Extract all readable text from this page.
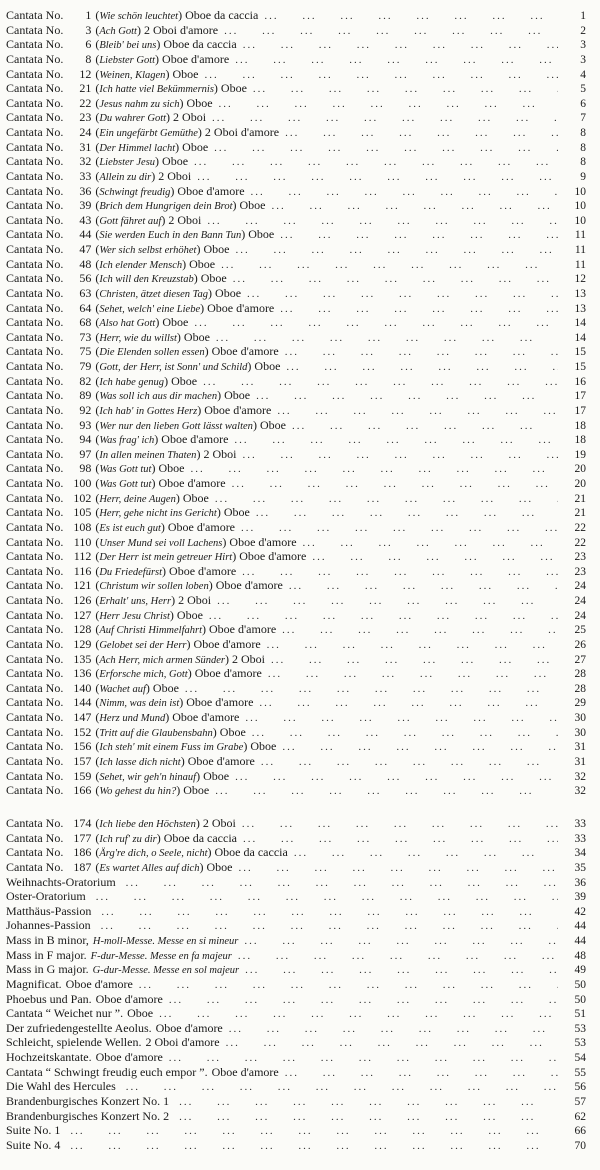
Cantata No. 1 (Wie schön leuchtet) Oboe da caccia ...	1
Cantata No. 3 (Ach Gott) 2 Oboi d'amore ...	2
Cantata No. 6 (Bleib' bei uns) Oboe da caccia ...	3
Cantata No. 8 (Liebster Gott) Oboe d'amore ...	3
Cantata No. 12 (Weinen, Klagen) Oboe ...	4
Cantata No. 21 (Ich hatte viel Bekümmernis) Oboe ...	5
Cantata No. 22 (Jesus nahm zu sich) Oboe ...	6
Cantata No. 23 (Du wahrer Gott) 2 Oboi ...	7
Cantata No. 24 (Ein ungefärbt Gemüthe) 2 Oboi d'amore ...	8
Cantata No. 31 (Der Himmel lacht) Oboe ...	8
Cantata No. 32 (Liebster Jesu) Oboe ...	8
Cantata No. 33 (Allein zu dir) 2 Oboi ...	9
Cantata No. 36 (Schwingt freudig) Oboe d'amore ...	10
Cantata No. 39 (Brich dem Hungrigen dein Brot) Oboe ...	10
Cantata No. 43 (Gott fähret auf) 2 Oboi ...	10
Cantata No. 44 (Sie werden Euch in den Bann Tun) Oboe ...	11
Cantata No. 47 (Wer sich selbst erhöhet) Oboe ...	11
Cantata No. 48 (Ich elender Mensch) Oboe ...	11
Cantata No. 56 (Ich will den Kreuzstab) Oboe ...	12
Cantata No. 63 (Christen, ätzet diesen Tag) Oboe ...	13
Cantata No. 64 (Sehet, welch' eine Liebe) Oboe d'amore ...	13
Cantata No. 68 (Also hat Gott) Oboe ...	14
Cantata No. 73 (Herr, wie du willst) Oboe ...	14
Cantata No. 75 (Die Elenden sollen essen) Oboe d'amore ...	15
Cantata No. 79 (Gott, der Herr, ist Sonn' und Schild) Oboe ...	15
Cantata No. 82 (Ich habe genug) Oboe ...	16
Cantata No. 89 (Was soll ich aus dir machen) Oboe ...	17
Cantata No. 92 (Ich hab' in Gottes Herz) Oboe d'amore ...	17
Cantata No. 93 (Wer nur den lieben Gott lässt walten) Oboe ...	18
Cantata No. 94 (Was frag' ich) Oboe d'amore ...	18
Cantata No. 97 (In allen meinen Thaten) 2 Oboi ...	19
Cantata No. 98 (Was Gott tut) Oboe ...	20
Cantata No. 100 (Was Gott tut) Oboe d'amore ...	20
Cantata No. 102 (Herr, deine Augen) Oboe ...	21
Cantata No. 105 (Herr, gehe nicht ins Gericht) Oboe ...	21
Cantata No. 108 (Es ist euch gut) Oboe d'amore ...	22
Cantata No. 110 (Unser Mund sei voll Lachens) Oboe d'amore ...	22
Cantata No. 112 (Der Herr ist mein getreuer Hirt) Oboe d'amore ...	23
Cantata No. 116 (Du Friedefürst) Oboe d'amore ...	23
Cantata No. 121 (Christum wir sollen loben) Oboe d'amore ...	24
Cantata No. 126 (Erhalt' uns, Herr) 2 Oboi ...	24
Cantata No. 127 (Herr Jesu Christ) Oboe ...	24
Cantata No. 128 (Auf Christi Himmelfahrt) Oboe d'amore ...	25
Cantata No. 129 (Gelobet sei der Herr) Oboe d'amore ...	26
Cantata No. 135 (Ach Herr, mich armen Sünder) 2 Oboi ...	27
Cantata No. 136 (Erforsche mich, Gott) Oboe d'amore ...	28
Cantata No. 140 (Wachet auf) Oboe ...	28
Cantata No. 144 (Nimm, was dein ist) Oboe d'amore ...	29
Cantata No. 147 (Herz und Mund) Oboe d'amore ...	30
Cantata No. 152 (Tritt auf die Glaubensbahn) Oboe ...	30
Cantata No. 156 (Ich steh' mit einem Fuss im Grabe) Oboe ...	31
Cantata No. 157 (Ich lasse dich nicht) Oboe d'amore ...	31
Cantata No. 159 (Sehet, wir geh'n hinauf) Oboe ...	32
Cantata No. 166 (Wo gehest du hin?) Oboe ...	32
Cantata No. 174 (Ich liebe den Höchsten) 2 Oboi ...	33
Cantata No. 177 (Ich ruf' zu dir) Oboe da caccia ...	33
Cantata No. 186 (Ärg're dich, o Seele, nicht) Oboe da caccia ...	34
Cantata No. 187 (Es wartet Alles auf dich) Oboe ...	35
Weihnachts-Oratorium ...	36
Oster-Oratorium ...	39
Matthäus-Passion ...	42
Johannes-Passion ...	44
Mass in B minor, H-moll-Messe. Messe en si mineur ...	44
Mass in F major. F-dur-Messe. Messe en fa majeur ...	48
Mass in G major. G-dur-Messe. Messe en sol majeur ...	49
Magnificat. Oboe d'amore ...	50
Phoebus und Pan. Oboe d'amore ...	50
Cantata “ Weichet nur ”. Oboe ...	51
Der zufriedengestellte Aeolus. Oboe d'amore ...	53
Schleicht, spielende Wellen. 2 Oboi d'amore ...	53
Hochzeitskantate. Oboe d'amore ...	54
Cantata “ Schwingt freudig euch empor ”. Oboe d'amore ...	55
Die Wahl des Hercules ...	56
Brandenburgisches Konzert No. 1 ...	57
Brandenburgisches Konzert No. 2 ...	62
Suite No. 1 ...	66
Suite No. 4 ...	70
